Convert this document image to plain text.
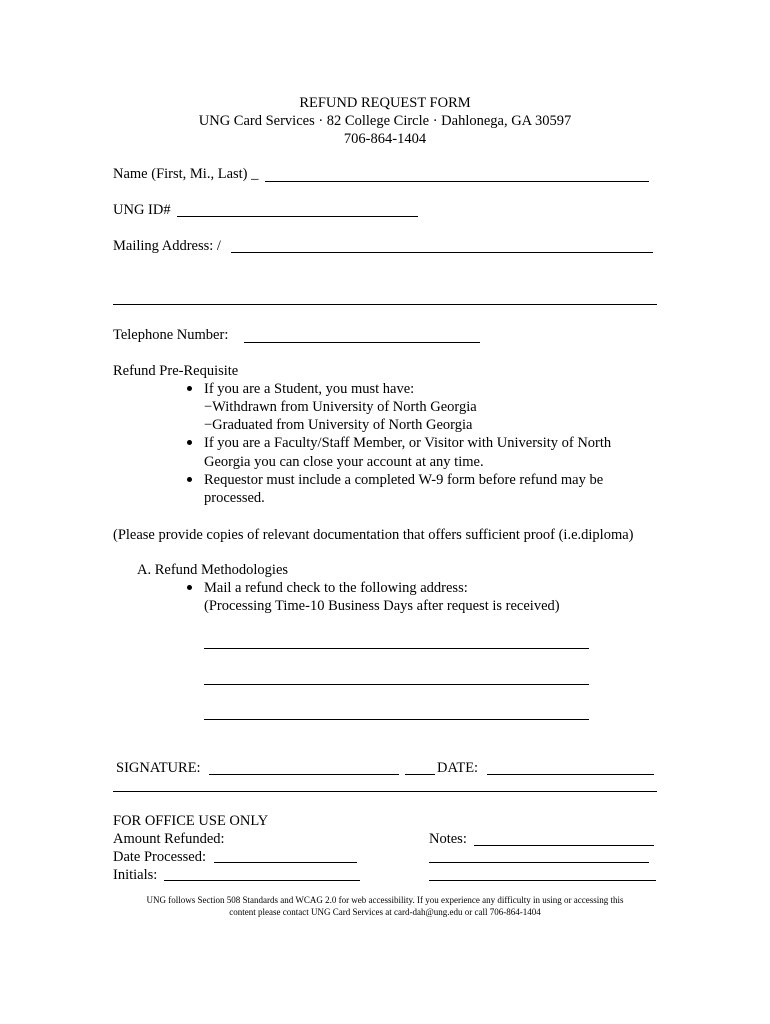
REFUND REQUEST FORM
UNG Card Services · 82 College Circle · Dahlonega, GA 30597
706-864-1404
Name (First, Mi., Last) _
UNG ID#
Mailing Address: /
Telephone Number:
Refund Pre-Requisite
If you are a Student, you must have:
−Withdrawn from University of North Georgia
−Graduated from University of North Georgia
If you are a Faculty/Staff Member, or Visitor with University of North
Georgia you can close your account at any time.
Requestor must include a completed W-9 form before refund may be
processed.
(Please provide copies of relevant documentation that offers sufficient proof (i.e.diploma)
A. Refund Methodologies
Mail a refund check to the following address:
(Processing Time-10 Business Days after request is received)
SIGNATURE:	DATE:
FOR OFFICE USE ONLY
Amount Refunded:
Date Processed:
Initials:
Notes:
UNG follows Section 508 Standards and WCAG 2.0 for web accessibility. If you experience any difficulty in using or accessing this
content please contact UNG Card Services at card-dah@ung.edu or call 706-864-1404
